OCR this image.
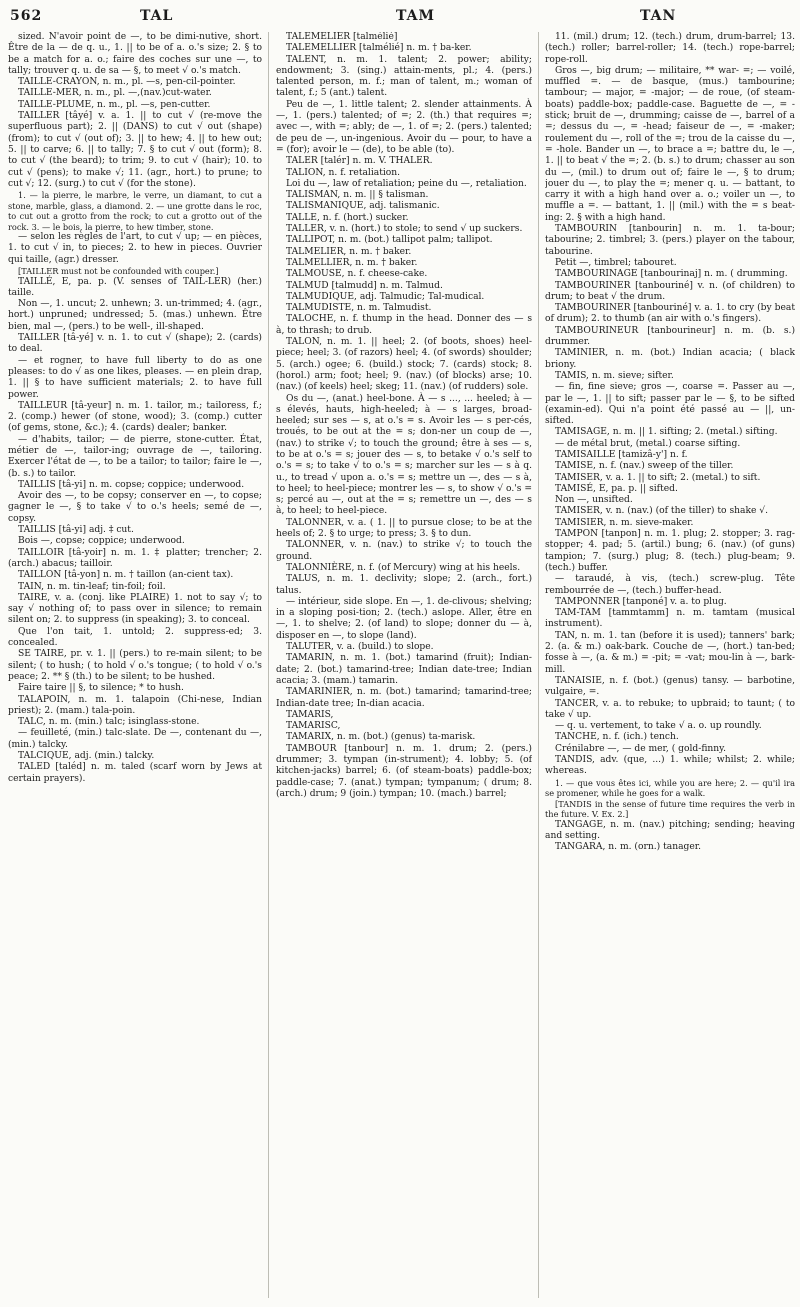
562	TAL	TAM	TAN

sized. N'avoir point de —, to be dimi-nutive, short. Être de la — de q. u., 1. || to be of a. o.'s size; 2. § to be a match for a. o.; faire des coches sur une —, to tally; trouver q. u. de sa — §, to meet √ o.'s match.

TAILLE-CRAYON, n. m., pl. —s, pen-cil-pointer.

TAILLE-MER, n. m., pl. —,(nav.)cut-water.

TAILLE-PLUME, n. m., pl. —s, pen-cutter.

TAILLER [tâyé] v. a. 1. || to cut √ (re-move the superfluous part); 2. || (DANS) to cut √ out (shape) (from); to cut √ (out of); 3. || to hew; 4. || to hew out; 5. || to carve; 6. || to tally; 7. § to cut √ out (form); 8. to cut √ (the beard); to trim; 9. to cut √ (hair); 10. to cut √ (pens); to make √; 11. (agr., hort.) to prune; to cut √; 12. (surg.) to cut √ (for the stone).

1. — la pierre, le marbre, le verre, un diamant, to cut a stone, marble, glass, a diamond. 2. — une grotte dans le roc, to cut out a grotto from the rock; to cut a grotto out of the rock. 3. — le bois, la pierre, to hew timber, stone.

— selon les règles de l'art, to cut √ up; — en pièces, 1. to cut √ in, to pieces; 2. to hew in pieces. Ouvrier qui taille, (agr.) dresser.

[TAILLER must not be confounded with couper.]

TAILLÉ, E, pa. p. (V. senses of TAIL-LER) (her.) taille.

Non —, 1. uncut; 2. unhewn; 3. un-trimmed; 4. (agr., hort.) unpruned; undressed; 5. (mas.) unhewn. Être bien, mal —, (pers.) to be well-, ill-shaped.

TAILLER [tâ-yé] v. n. 1. to cut √ (shape); 2. (cards) to deal.

— et rogner, to have full liberty to do as one pleases: to do √ as one likes, pleases. — en plein drap, 1. || § to have sufficient materials; 2. to have full power.

TAILLEUR [tâ-yeur] n. m. 1. tailor, m.; tailoress, f.; 2. (comp.) hewer (of stone, wood); 3. (comp.) cutter (of gems, stone, &c.); 4. (cards) dealer; banker.

— d'habits, tailor; — de pierre, stone-cutter. État, métier de —, tailor-ing; ouvrage de —, tailoring. Exercer l'état de —, to be a tailor; to tailor; faire le —, (b. s.) to tailor.

TAILLIS [tâ-yi] n. m. copse; coppice; underwood.

Avoir des —, to be copsy; conserver en —, to copse; gagner le —, § to take √ to o.'s heels; semé de —, copsy.

TAILLIS [tâ-yi] adj. ‡ cut.

Bois —, copse; coppice; underwood.

TAILLOIR [tâ-yoir] n. m. 1. ‡ platter; trencher; 2. (arch.) abacus; tailloir.

TAILLON [tâ-yon] n. m. † taillon (an-cient tax).

TAIN, n. m. tin-leaf; tin-foil; foil.

TAIRE, v. a. (conj. like PLAIRE) 1. not to say √; to say √ nothing of; to pass over in silence; to remain silent on; 2. to suppress (in speaking); 3. to conceal.

Que l'on tait, 1. untold; 2. suppress-ed; 3. concealed.

SE TAIRE, pr. v. 1. || (pers.) to re-main silent; to be silent; ( to hush; ( to hold √ o.'s tongue; ( to hold √ o.'s peace; 2. ** § (th.) to be silent; to be hushed.

Faire taire || §, to silence; * to hush.

TALAPOIN, n. m. 1. talapoin (Chi-nese, Indian priest); 2. (mam.) tala-poin.

TALC, n. m. (min.) talc; isinglass-stone.

— feuilleté, (min.) talc-slate. De —, contenant du —, (min.) talcky.

TALCIQUE, adj. (min.) talcky.

TALED [taléd] n. m. taled (scarf worn by Jews at certain prayers).

TALEMELIER [talmélié]

TALEMELLIER [talmélié] n. m. † ba-ker.

TALENT, n. m. 1. talent; 2. power; ability; endowment; 3. (sing.) attain-ments, pl.; 4. (pers.) talented person, m. f.; man of talent, m.; woman of talent, f.; 5 (ant.) talent.

Peu de —, 1. little talent; 2. slender attainments. À —, 1. (pers.) talented; of =; 2. (th.) that requires =; avec —, with =; ably; de —, 1. of =; 2. (pers.) talented; de peu de —, un-ingenious. Avoir du — pour, to have a = (for); avoir le — (de), to be able (to).

TALER [talér] n. m. V. THALER.

TALION, n. f. retaliation.

Loi du —, law of retaliation; peine du —, retaliation.

TALISMAN, n. m. || § talisman.

TALISMANIQUE, adj. talismanic.

TALLE, n. f. (hort.) sucker.

TALLER, v. n. (hort.) to stole; to send √ up suckers.

TALLIPOT, n. m. (bot.) tallipot palm; tallipot.

TALMELIER, n. m. † baker.

TALMELLIER, n. m. † baker.

TALMOUSE, n. f. cheese-cake.

TALMUD [talmudd] n. m. Talmud.

TALMUDIQUE, adj. Talmudic; Tal-mudical.

TALMUDISTE, n. m. Talmudist.

TALOCHE, n. f. thump in the head. Donner des — s à, to thrash; to drub.

TALON, n. m. 1. || heel; 2. (of boots, shoes) heel-piece; heel; 3. (of razors) heel; 4. (of swords) shoulder; 5. (arch.) ogee; 6. (build.) stock; 7. (cards) stock; 8. (horol.) arm; foot; heel; 9. (nav.) (of blocks) arse; 10. (nav.) (of keels) heel; skeg; 11. (nav.) (of rudders) sole.

Os du —, (anat.) heel-bone. À — s ..., ... heeled; à — s élevés, hauts, high-heeled; à — s larges, broad-heeled; sur ses — s, at o.'s = s. Avoir les — s per-cés, troués, to be out at the = s; don-ner un coup de —, (nav.) to strike √; to touch the ground; être à ses — s, to be at o.'s = s; jouer des — s, to betake √ o.'s self to o.'s = s; to take √ to o.'s = s; marcher sur les — s à q. u., to tread √ upon a. o.'s = s; mettre un —, des — s à, to heel; to heel-piece; montrer les — s, to show √ o.'s = s; percé au —, out at the = s; remettre un —, des — s à, to heel; to heel-piece.

TALONNER, v. a. ( 1. || to pursue close; to be at the heels of; 2. § to urge; to press; 3. § to dun.

TALONNER, v. n. (nav.) to strike √; to touch the ground.

TALONNIÈRE, n. f. (of Mercury) wing at his heels.

TALUS, n. m. 1. declivity; slope; 2. (arch., fort.) talus.

— intérieur, side slope. En —, 1. de-clivous; shelving; in a sloping posi-tion; 2. (tech.) aslope. Aller, être en —, 1. to shelve; 2. (of land) to slope; donner du — à, disposer en —, to slope (land).

TALUTER, v. a. (build.) to slope.

TAMARIN, n. m. 1. (bot.) tamarind (fruit); Indian-date; 2. (bot.) tamarind-tree; Indian date-tree; Indian acacia; 3. (mam.) tamarin.

TAMARINIER, n. m. (bot.) tamarind; tamarind-tree; Indian-date tree; In-dian acacia.

TAMARIS,

TAMARISC,

TAMARIX, n. m. (bot.) (genus) ta-marisk.

TAMBOUR [tanbour] n. m. 1. drum; 2. (pers.) drummer; 3. tympan (in-strument); 4. lobby; 5. (of kitchen-jacks) barrel; 6. (of steam-boats) paddle-box; paddle-case; 7. (anat.) tympan; tympanum; ( drum; 8. (arch.) drum; 9 (join.) tympan; 10. (mach.) barrel;

11. (mil.) drum; 12. (tech.) drum, drum-barrel; 13. (tech.) roller; barrel-roller; 14. (tech.) rope-barrel; rope-roll.

Gros —, big drum; — militaire, ** war- =; — voilé, muffled =. — de basque, (mus.) tambourine; tambour; — major, = -major; — de roue, (of steam-boats) paddle-box; paddle-case. Baguette de —, = -stick; bruit de —, drumming; caisse de —, barrel of a =; dessus du —, = -head; faiseur de —, = -maker; roulement du —, roll of the =; trou de la caisse du —, = -hole. Bander un —, to brace a =; battre du, le —, 1. || to beat √ the =; 2. (b. s.) to drum; chasser au son du —, (mil.) to drum out of; faire le —, § to drum; jouer du —, to play the =; mener q. u. — battant, to carry it with a high hand over a. o.; voiler un —, to muffle a =. — battant, 1. || (mil.) with the = s beat-ing: 2. § with a high hand.

TAMBOURIN [tanbourin] n. m. 1. ta-bour; tabourine; 2. timbrel; 3. (pers.) player on the tabour, tabourine.

Petit —, timbrel; tabouret.

TAMBOURINAGE [tanbourinaj] n. m. ( drumming.

TAMBOURINER [tanbouriné] v. n. (of children) to drum; to beat √ the drum.

TAMBOURINER [tanbouriné] v. a. 1. to cry (by beat of drum); 2. to thumb (an air with o.'s fingers).

TAMBOURINEUR [tanbourineur] n. m. (b. s.) drummer.

TAMINIER, n. m. (bot.) Indian acacia; ( black briony.

TAMIS, n. m. sieve; sifter.

— fin, fine sieve; gros —, coarse =. Passer au —, par le —, 1. || to sift; passer par le — §, to be sifted (examin-ed). Qui n'a point été passé au — ||, un-sifted.

TAMISAGE, n. m. || 1. sifting; 2. (metal.) sifting.

— de métal brut, (metal.) coarse sifting.

TAMISAILLE [tamizâ-y'] n. f.

TAMISE, n. f. (nav.) sweep of the tiller.

TAMISER, v. a. 1. || to sift; 2. (metal.) to sift.

TAMISÉ, E, pa. p. || sifted.

Non —, unsifted.

TAMISER, v. n. (nav.) (of the tiller) to shake √.

TAMISIER, n. m. sieve-maker.

TAMPON [tanpon] n. m. 1. plug; 2. stopper; 3. rag-stopper; 4. pad; 5. (artil.) bung; 6. (nav.) (of guns) tampion; 7. (surg.) plug; 8. (tech.) plug-beam; 9. (tech.) buffer.

— taraudé, à vis, (tech.) screw-plug. Tête rembourrée de —, (tech.) buffer-head.

TAMPONNER [tanponé] v. a. to plug.

TAM-TAM [tammtamm] n. m. tamtam (musical instrument).

TAN, n. m. 1. tan (before it is used); tanners' bark; 2. (a. & m.) oak-bark. Couche de —, (hort.) tan-bed; fosse à —, (a. & m.) = -pit; = -vat; mou-lin à —, bark-mill.

TANAISIE, n. f. (bot.) (genus) tansy. — barbotine, vulgaire, =.

TANCER, v. a. to rebuke; to upbraid; to taunt; ( to take √ up.

— q. u. vertement, to take √ a. o. up roundly.

TANCHE, n. f. (ich.) tench.

Crénilabre —, — de mer, ( gold-finny.

TANDIS, adv. (que, ...) 1. while; whilst; 2. while; whereas.

1. — que vous êtes ici, while you are here; 2. — qu'il ira se promener, while he goes for a walk.

[TANDIS in the sense of future time requires the verb in the future. V. Ex. 2.]

TANGAGE, n. m. (nav.) pitching; sending; heaving and setting.

TANGARA, n. m. (orn.) tanager.
